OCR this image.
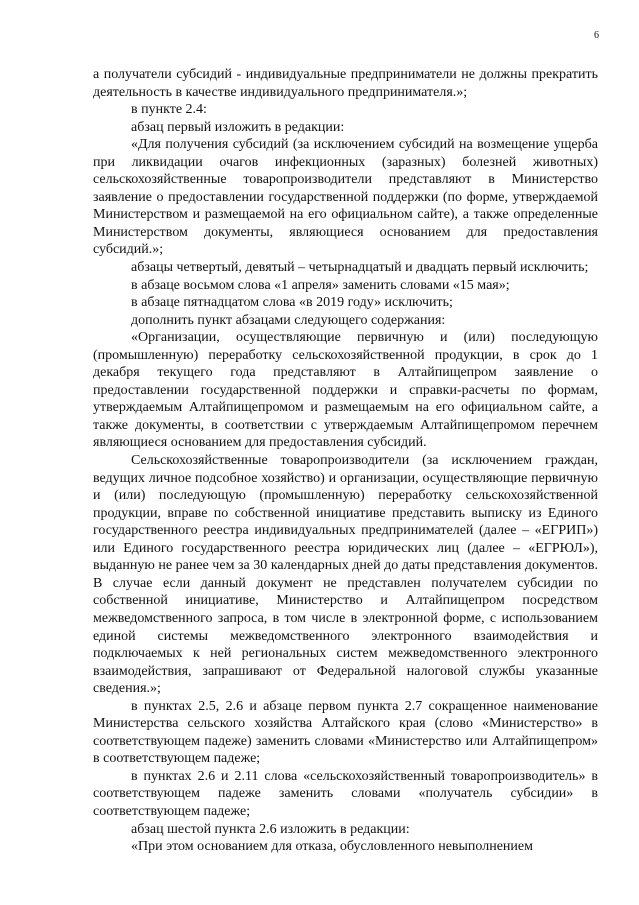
6

а получатели субсидий - индивидуальные предприниматели не должны прекратить деятельность в качестве индивидуального предпринимателя.»;

в пункте 2.4:

абзац первый изложить в редакции:

«Для получения субсидий (за исключением субсидий на возмещение ущерба при ликвидации очагов инфекционных (заразных) болезней животных) сельскохозяйственные товаропроизводители представляют в Министерство заявление о предоставлении государственной поддержки (по форме, утверждаемой Министерством и размещаемой на его официальном сайте), а также определенные Министерством документы, являющиеся основанием для предоставления субсидий.»;

абзацы четвертый, девятый – четырнадцатый и двадцать первый исключить;

в абзаце восьмом слова «1 апреля» заменить словами «15 мая»;

в абзаце пятнадцатом слова «в 2019 году» исключить;

дополнить пункт абзацами следующего содержания:

«Организации, осуществляющие первичную и (или) последующую (промышленную) переработку сельскохозяйственной продукции, в срок до 1 декабря текущего года представляют в Алтайпищепром заявление о предоставлении государственной поддержки и справки-расчеты по формам, утверждаемым Алтайпищепромом и размещаемым на его официальном сайте, а также документы, в соответствии с утверждаемым Алтайпищепромом перечнем являющиеся основанием для предоставления субсидий.

Сельскохозяйственные товаропроизводители (за исключением граждан, ведущих личное подсобное хозяйство) и организации, осуществляющие первичную и (или) последующую (промышленную) переработку сельскохозяйственной продукции, вправе по собственной инициативе представить выписку из Единого государственного реестра индивидуальных предпринимателей (далее – «ЕГРИП») или Единого государственного реестра юридических лиц (далее – «ЕГРЮЛ»), выданную не ранее чем за 30 календарных дней до даты представления документов. В случае если данный документ не представлен получателем субсидии по собственной инициативе, Министерство и Алтайпищепром посредством межведомственного запроса, в том числе в электронной форме, с использованием единой системы межведомственного электронного взаимодействия и подключаемых к ней региональных систем межведомственного электронного взаимодействия, запрашивают от Федеральной налоговой службы указанные сведения.»;

в пунктах 2.5, 2.6 и абзаце первом пункта 2.7 сокращенное наименование Министерства сельского хозяйства Алтайского края (слово «Министерство» в соответствующем падеже) заменить словами «Министерство или Алтайпищепром» в соответствующем падеже;

в пунктах 2.6 и 2.11 слова «сельскохозяйственный товаропроизводитель» в соответствующем падеже заменить словами «получатель субсидии» в соответствующем падеже;

абзац шестой пункта 2.6 изложить в редакции:

«При этом основанием для отказа, обусловленного невыполнением
